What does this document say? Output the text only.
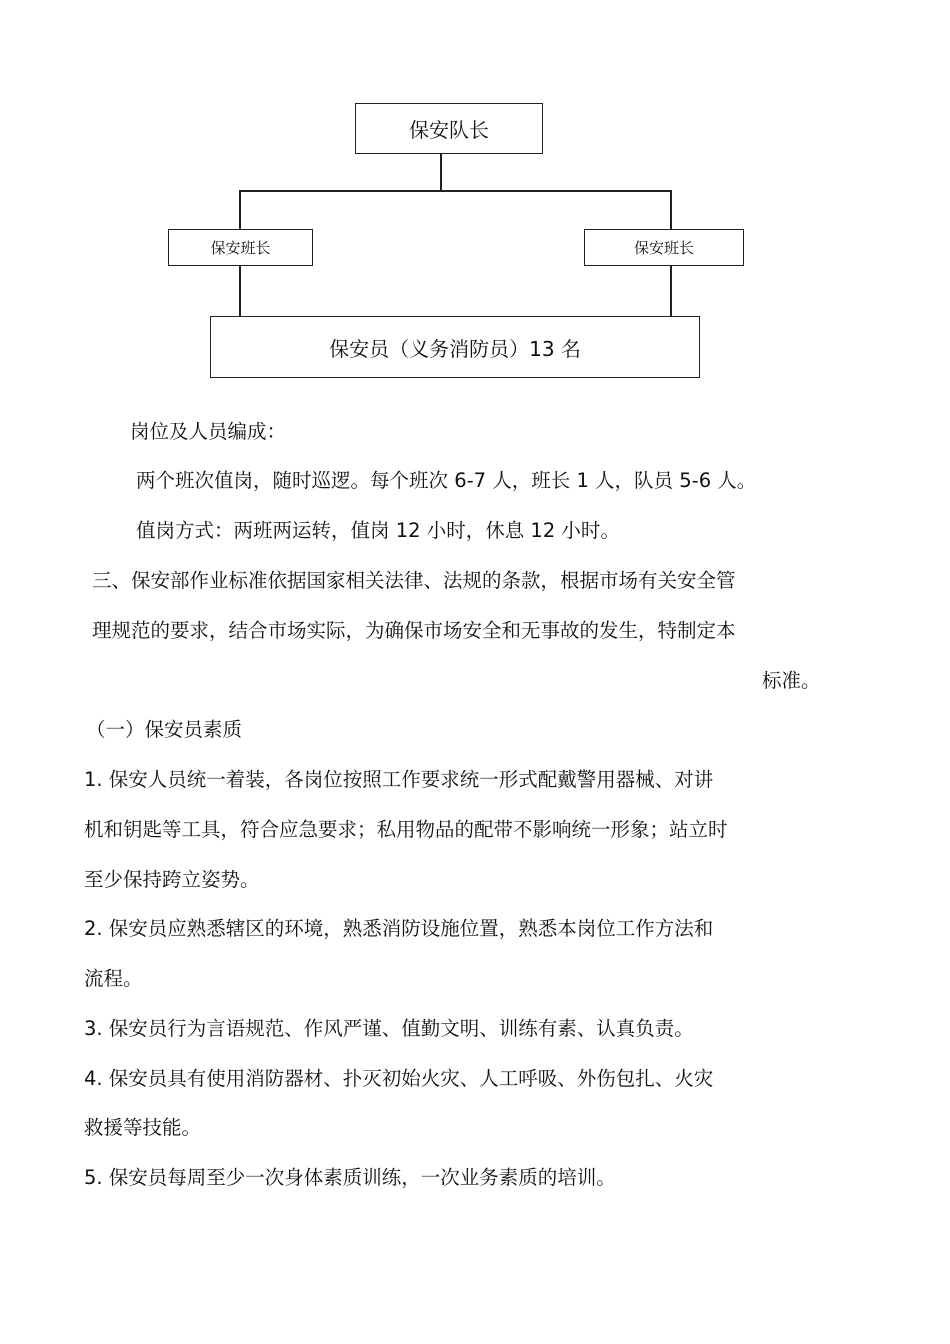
保安队长
保安班长	保安班长
保安员（义务消防员）13 名
岗位及人员编成：
两个班次值岗，随时巡逻。每个班次 6-7 人，班长 1 人，队员 5-6 人。
值岗方式：两班两运转，值岗 12 小时，休息 12 小时。
三、保安部作业标准依据国家相关法律、法规的条款，根据市场有关安全管
理规范的要求，结合市场实际，为确保市场安全和无事故的发生，特制定本
标准。
（一）保安员素质
1. 保安人员统一着装，各岗位按照工作要求统一形式配戴警用器械、对讲
机和钥匙等工具，符合应急要求；私用物品的配带不影响统一形象；站立时
至少保持跨立姿势。
2. 保安员应熟悉辖区的环境，熟悉消防设施位置，熟悉本岗位工作方法和
流程。
3. 保安员行为言语规范、作风严谨、值勤文明、训练有素、认真负责。
4. 保安员具有使用消防器材、扑灭初始火灾、人工呼吸、外伤包扎、火灾
救援等技能。
5. 保安员每周至少一次身体素质训练，一次业务素质的培训。
